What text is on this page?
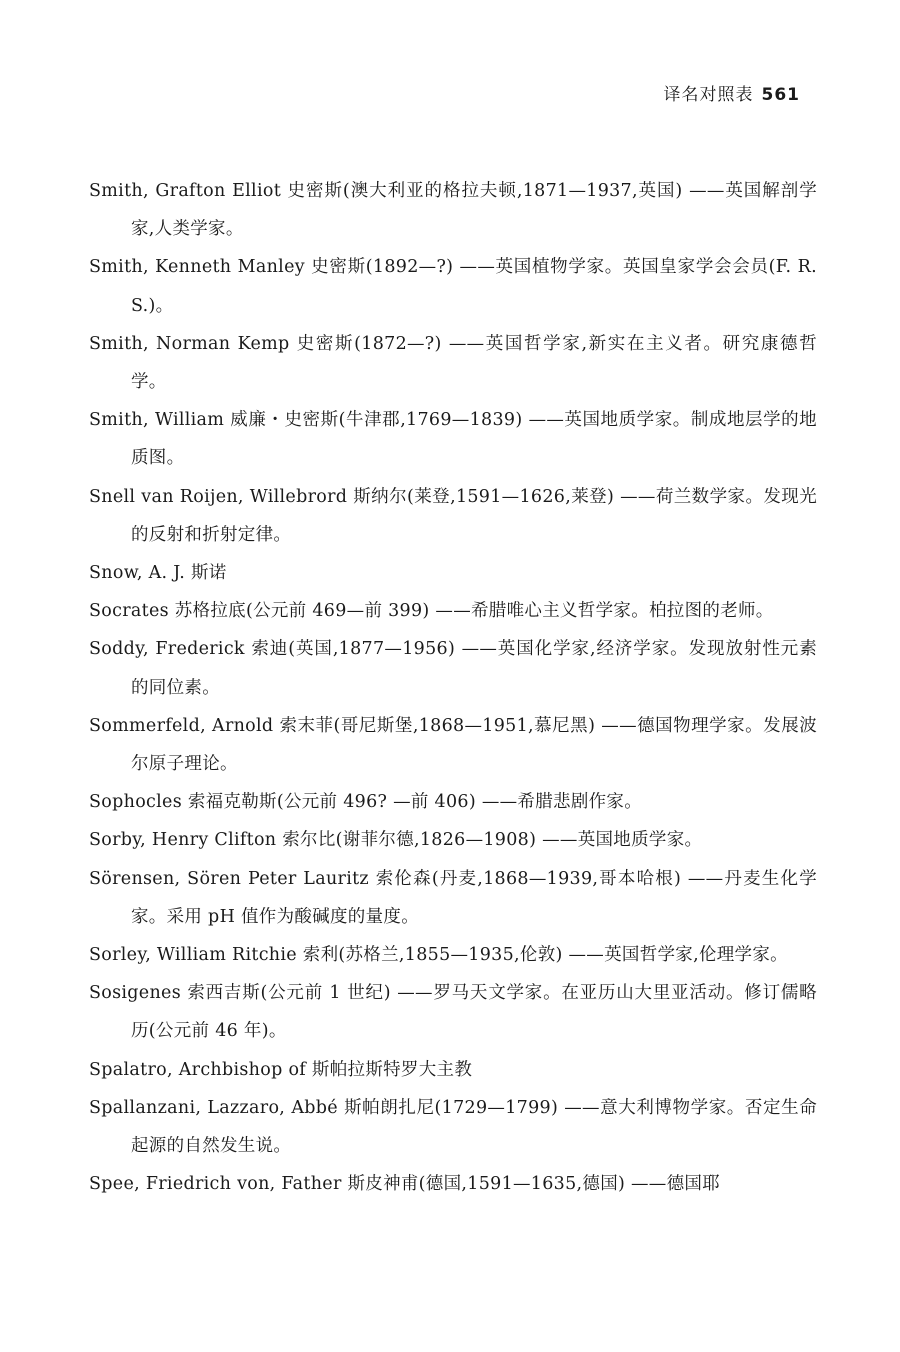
译名对照表 561
Smith, Grafton Elliot 史密斯(澳大利亚的格拉夫顿,1871—1937,英国) ——英国解剖学家,人类学家。
Smith, Kenneth Manley 史密斯(1892—?) ——英国植物学家。英国皇家学会会员(F. R. S.)。
Smith, Norman Kemp 史密斯(1872—?) ——英国哲学家,新实在主义者。研究康德哲学。
Smith, William 威廉・史密斯(牛津郡,1769—1839) ——英国地质学家。制成地层学的地质图。
Snell van Roijen, Willebrord 斯纳尔(莱登,1591—1626,莱登) ——荷兰数学家。发现光的反射和折射定律。
Snow, A. J. 斯诺
Socrates 苏格拉底(公元前 469—前 399) ——希腊唯心主义哲学家。柏拉图的老师。
Soddy, Frederick 索迪(英国,1877—1956) ——英国化学家,经济学家。发现放射性元素的同位素。
Sommerfeld, Arnold 索末菲(哥尼斯堡,1868—1951,慕尼黑) ——德国物理学家。发展波尔原子理论。
Sophocles 索福克勒斯(公元前 496? —前 406) ——希腊悲剧作家。
Sorby, Henry Clifton 索尔比(谢菲尔德,1826—1908) ——英国地质学家。
Sörensen, Sören Peter Lauritz 索伦森(丹麦,1868—1939,哥本哈根) ——丹麦生化学家。采用 pH 值作为酸碱度的量度。
Sorley, William Ritchie 索利(苏格兰,1855—1935,伦敦) ——英国哲学家,伦理学家。
Sosigenes 索西吉斯(公元前 1 世纪) ——罗马天文学家。在亚历山大里亚活动。修订儒略历(公元前 46 年)。
Spalatro, Archbishop of 斯帕拉斯特罗大主教
Spallanzani, Lazzaro, Abbé 斯帕朗扎尼(1729—1799) ——意大利博物学家。否定生命起源的自然发生说。
Spee, Friedrich von, Father 斯皮神甫(德国,1591—1635,德国) ——德国耶
